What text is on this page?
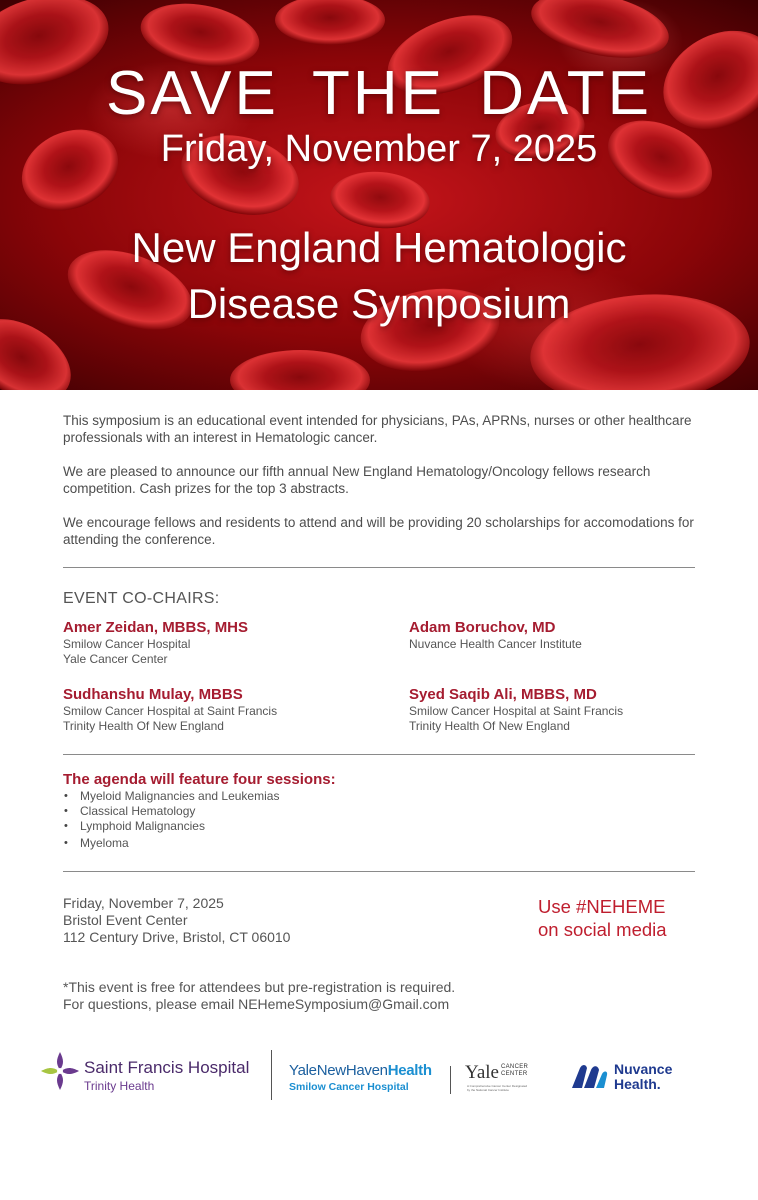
SAVE THE DATE
Friday, November 7, 2025
New England Hematologic
Disease Symposium

This symposium is an educational event intended for physicians, PAs, APRNs, nurses or other healthcare professionals with an interest in Hematologic cancer.

We are pleased to announce our fifth annual New England Hematology/Oncology fellows research competition. Cash prizes for the top 3 abstracts.

We encourage fellows and residents to attend and will be providing 20 scholarships for accomodations for attending the conference.

EVENT CO-CHAIRS:
Amer Zeidan, MBBS, MHS
Smilow Cancer Hospital
Yale Cancer Center
Adam Boruchov, MD
Nuvance Health Cancer Institute
Sudhanshu Mulay, MBBS
Smilow Cancer Hospital at Saint Francis
Trinity Health Of New England
Syed Saqib Ali, MBBS, MD
Smilow Cancer Hospital at Saint Francis
Trinity Health Of New England
The agenda will feature four sessions:
• Myeloid Malignancies and Leukemias
• Classical Hematology
• Lymphoid Malignancies
• Myeloma
Friday, November 7, 2025
Bristol Event Center
112 Century Drive, Bristol, CT 06010
Use #NEHEME
on social media
*This event is free for attendees but pre-registration is required.
For questions, please email NEHemeSymposium@Gmail.com
Saint Francis Hospital
Trinity Health
YaleNewHavenHealth
Smilow Cancer Hospital
Yale CANCER
CENTER
A Comprehensive Cancer Center Designated
by the National Cancer Institute
Nuvance
Health.
